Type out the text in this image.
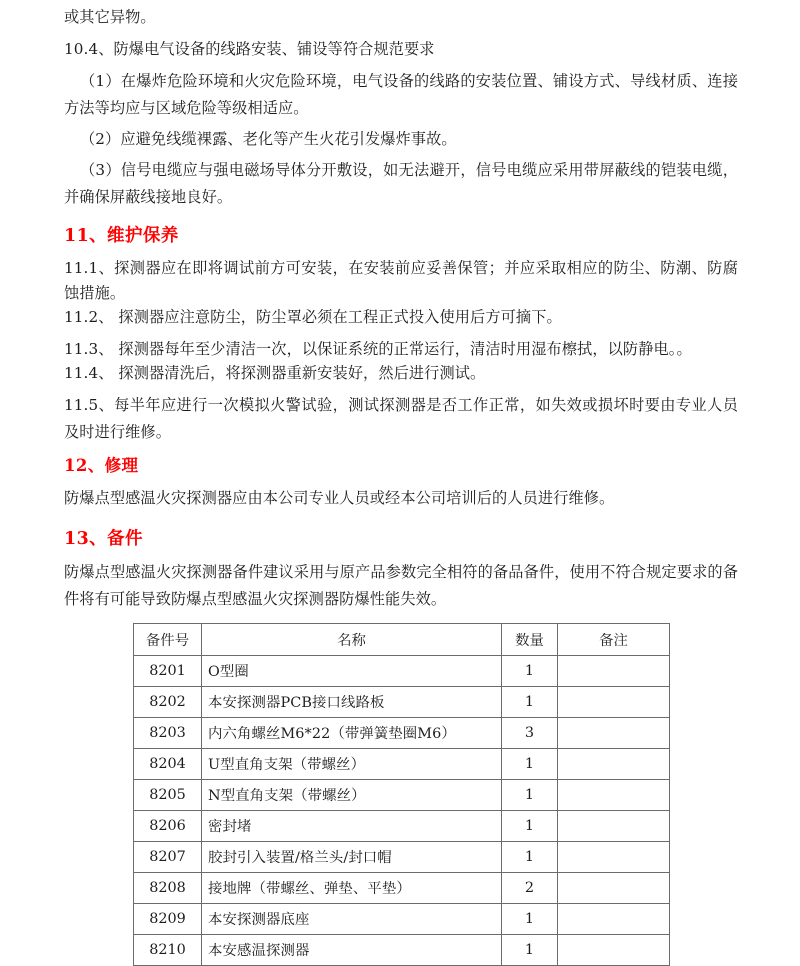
或其它异物。

10.4、防爆电气设备的线路安装、铺设等符合规范要求

（1）在爆炸危险环境和火灾危险环境，电气设备的线路的安装位置、铺设方式、导线材质、连接方法等均应与区域危险等级相适应。

（2）应避免线缆裸露、老化等产生火花引发爆炸事故。

（3）信号电缆应与强电磁场导体分开敷设，如无法避开，信号电缆应采用带屏蔽线的铠装电缆，并确保屏蔽线接地良好。

11、维护保养

11.1、探测器应在即将调试前方可安装，在安装前应妥善保管；并应采取相应的防尘、防潮、防腐蚀措施。

11.2、 探测器应注意防尘，防尘罩必须在工程正式投入使用后方可摘下。

11.3、 探测器每年至少清洁一次，以保证系统的正常运行，清洁时用湿布檫拭，以防静电。。

11.4、 探测器清洗后，将探测器重新安装好，然后进行测试。

11.5、每半年应进行一次模拟火警试验，测试探测器是否工作正常，如失效或损坏时要由专业人员及时进行维修。

12、修理

防爆点型感温火灾探测器应由本公司专业人员或经本公司培训后的人员进行维修。

13、备件

防爆点型感温火灾探测器备件建议采用与原产品参数完全相符的备品备件，使用不符合规定要求的备件将有可能导致防爆点型感温火灾探测器防爆性能失效。

备件号	名称	数量	备注
8201	O型圈	1	
8202	本安探测器PCB接口线路板	1	
8203	内六角螺丝M6*22（带弹簧垫圈M6）	3	
8204	U型直角支架（带螺丝）	1	
8205	N型直角支架（带螺丝）	1	
8206	密封堵	1	
8207	胶封引入装置/格兰头/封口帽	1	
8208	接地牌（带螺丝、弹垫、平垫）	2	
8209	本安探测器底座	1	
8210	本安感温探测器	1	
